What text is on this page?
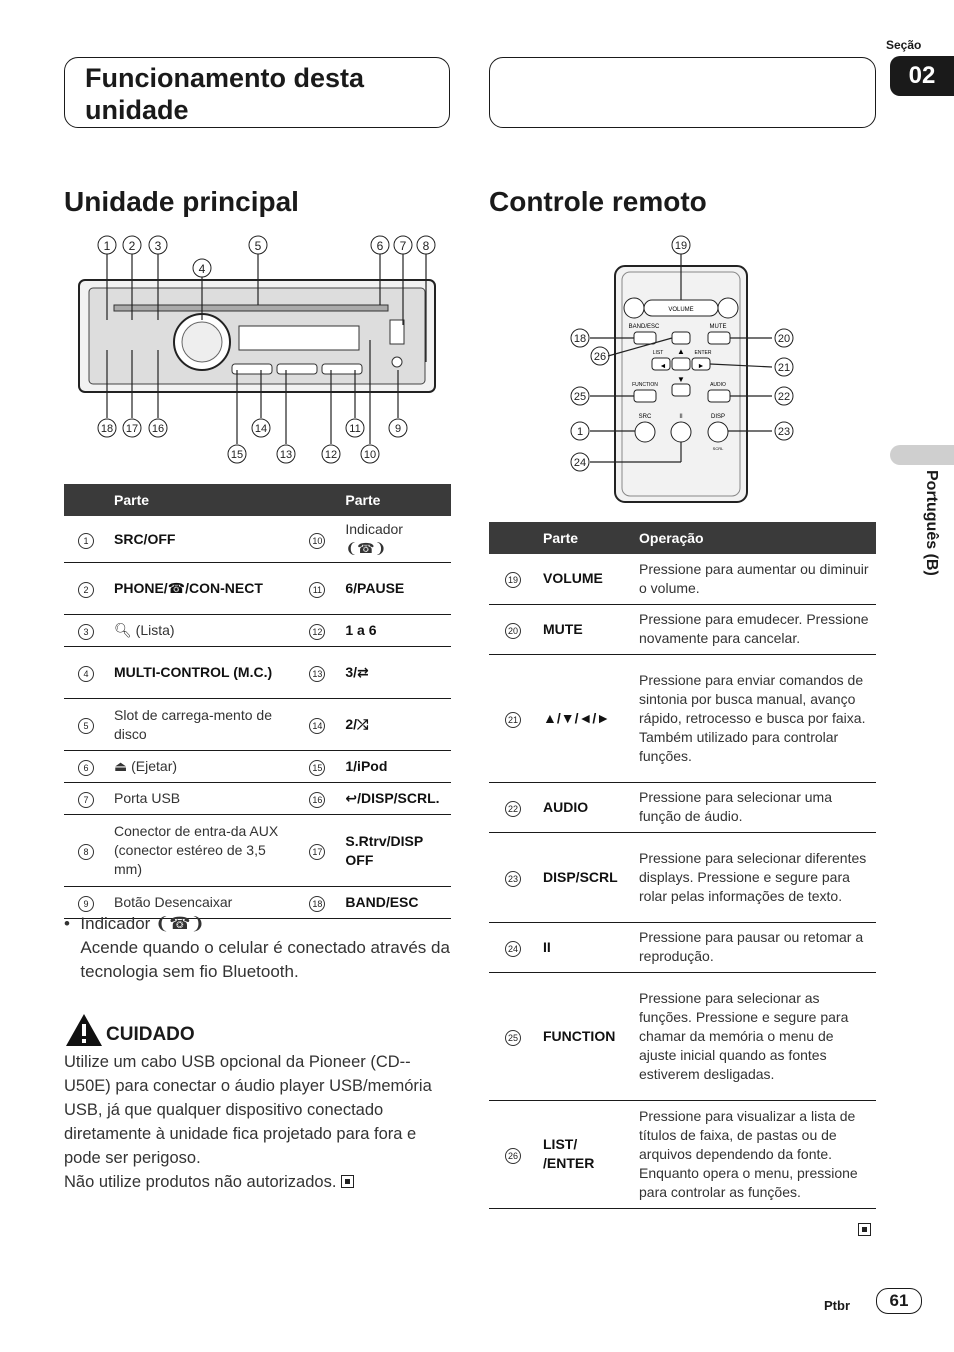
Seção
02
Funcionamento desta
unidade
Português (B)
Unidade principal
1 2 3
4
5	6 7 8
18 17 16	14	11	9
15	13	12 10
	Parte		Parte
1	SRC/OFF	10	Indicador ❨☎❩
2	PHONE/☎/CON-NECT	11	6/PAUSE
3	🔍︎ (Lista)	12	1 a 6
4	MULTI-CONTROL (M.C.)	13	3/⇄
5	Slot de carrega-mento de disco	14	2/⤮
6	⏏ (Ejetar)	15	1/iPod
7	Porta USB	16	↩/DISP/SCRL.
8	Conector de entra-da AUX (conector estéreo de 3,5 mm)	17	S.Rtrv/DISP OFF
9	Botão Desencaixar	18	BAND/ESC
• Indicador ❨☎❩
Acende quando o celular é conectado através da tecnologia sem fio Bluetooth.
CUIDADO
Utilize um cabo USB opcional da Pioneer (CD--U50E) para conectar o áudio player USB/memória USB, já que qualquer dispositivo conectado diretamente à unidade fica projetado para fora e pode ser perigoso.
Não utilize produtos não autorizados.
Controle remoto
VOLUME
BAND/ESC	MUTE
▲
▼
◄	►
LIST	ENTER
FUNCTION	AUDIO
SRC	II	DISP
SCRL
19
18
26
25
1
24
20
21
22
23
	Parte	Operação
19	VOLUME	Pressione para aumentar ou diminuir o volume.
20	MUTE	Pressione para emudecer. Pressione novamente para cancelar.
21	▲/▼/◄/►	Pressione para enviar comandos de sintonia por busca manual, avanço rápido, retrocesso e busca por faixa. Também utilizado para controlar funções.
22	AUDIO	Pressione para selecionar uma função de áudio.
23	DISP/SCRL	Pressione para selecionar diferentes displays. Pressione e segure para rolar pelas informações de texto.
24	II	Pressione para pausar ou retomar a reprodução.
25	FUNCTION	Pressione para selecionar as funções. Pressione e segure para chamar da memória o menu de ajuste inicial quando as fontes estiverem desligadas.
26	LIST/ /ENTER	Pressione para visualizar a lista de títulos de faixa, de pastas ou de arquivos dependendo da fonte. Enquanto opera o menu, pressione para controlar as funções.
Ptbr	61
